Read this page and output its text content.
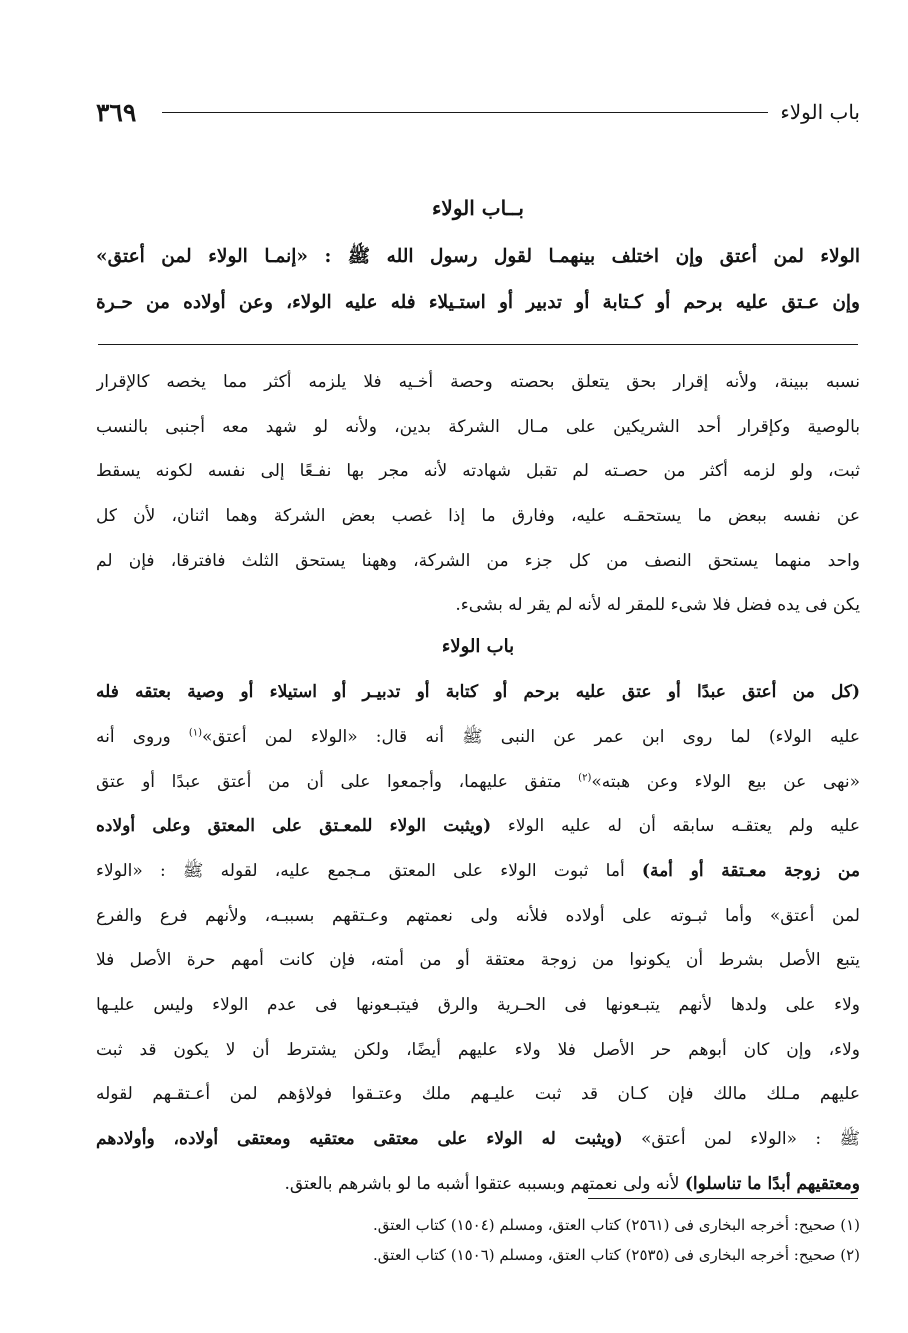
باب الولاء
٣٦٩
بــاب الولاء
الولاء لمن أعتق وإن اختلف بينهمـا لقول رسول الله ﷺ : «إنمـا الولاء لمن أعتق»
وإن عـتق عليه برحم أو كـتابة أو تدبير أو استـيلاء فله عليه الولاء، وعن أولاده من حـرة
نسبه ببينة، ولأنه إقرار بحق يتعلق بحصته وحصة أخـيه فلا يلزمه أكثر مما يخصه كالإقرار
بالوصية وكإقرار أحد الشريكين على مـال الشركة بدين، ولأنه لو شهد معه أجنبى بالنسب
ثبت، ولو لزمه أكثر من حصـته لم تقبل شهادته لأنه مجر بها نفـعًا إلى نفسه لكونه يسقط
عن نفسه ببعض ما يستحقـه عليه، وفارق ما إذا غصب بعض الشركة وهما اثنان، لأن كل
واحد منهما يستحق النصف من كل جزء من الشركة، وههنا يستحق الثلث فافترقا، فإن لم
يكن فى يده فضل فلا شىء للمقر له لأنه لم يقر له بشىء.
باب الولاء
(كل من أعتق عبدًا أو عتق عليه برحم أو كتابة أو تدبيـر أو استيلاء أو وصية بعتقه فله
عليه الولاء) لما روى ابن عمر عن النبى ﷺ أنه قال: «الولاء لمن أعتق»$^{(١)}$ وروى أنه
«نهى عن بيع الولاء وعن هبته»$^{(٢)}$ متفق عليهما، وأجمعوا على أن من أعتق عبدًا أو عتق
عليه ولم يعتقـه سابقه أن له عليه الولاء (ويثبت الولاء للمعـتق على المعتق وعلى أولاده
من زوجة معـتقة أو أمة) أما ثبوت الولاء على المعتق مـجمع عليه، لقوله ﷺ : «الولاء
لمن أعتق» وأما ثبـوته على أولاده فلأنه ولى نعمتهم وعـتقهم بسببـه، ولأنهم فرع والفرع
يتبع الأصل بشرط أن يكونوا من زوجة معتقة أو من أمته، فإن كانت أمهم حرة الأصل فلا
ولاء على ولدها لأنهم يتبـعونها فى الحـرية والرق فيتبـعونها فى عدم الولاء وليس عليـها
ولاء، وإن كان أبوهم حر الأصل فلا ولاء عليهم أيضًا، ولكن يشترط أن لا يكون قد ثبت
عليهم مـلك مالك فإن كـان قد ثبت عليـهم ملك وعتـقوا فولاؤهم لمن أعـتقـهم لقوله
ﷺ : «الولاء لمن أعتق» (ويثبت له الولاء على معتقى معتقيه ومعتقى أولاده، وأولادهم
ومعتقيهم أبدًا ما تناسلوا) لأنه ولى نعمتهم وبسببه عتقوا أشبه ما لو باشرهم بالعتق.
(١) صحيح: أخرجه البخارى فى (٢٥٦١) كتاب العتق، ومسلم (١٥٠٤) كتاب العتق.
(٢) صحيح: أخرجه البخارى فى (٢٥٣٥) كتاب العتق، ومسلم (١٥٠٦) كتاب العتق.
